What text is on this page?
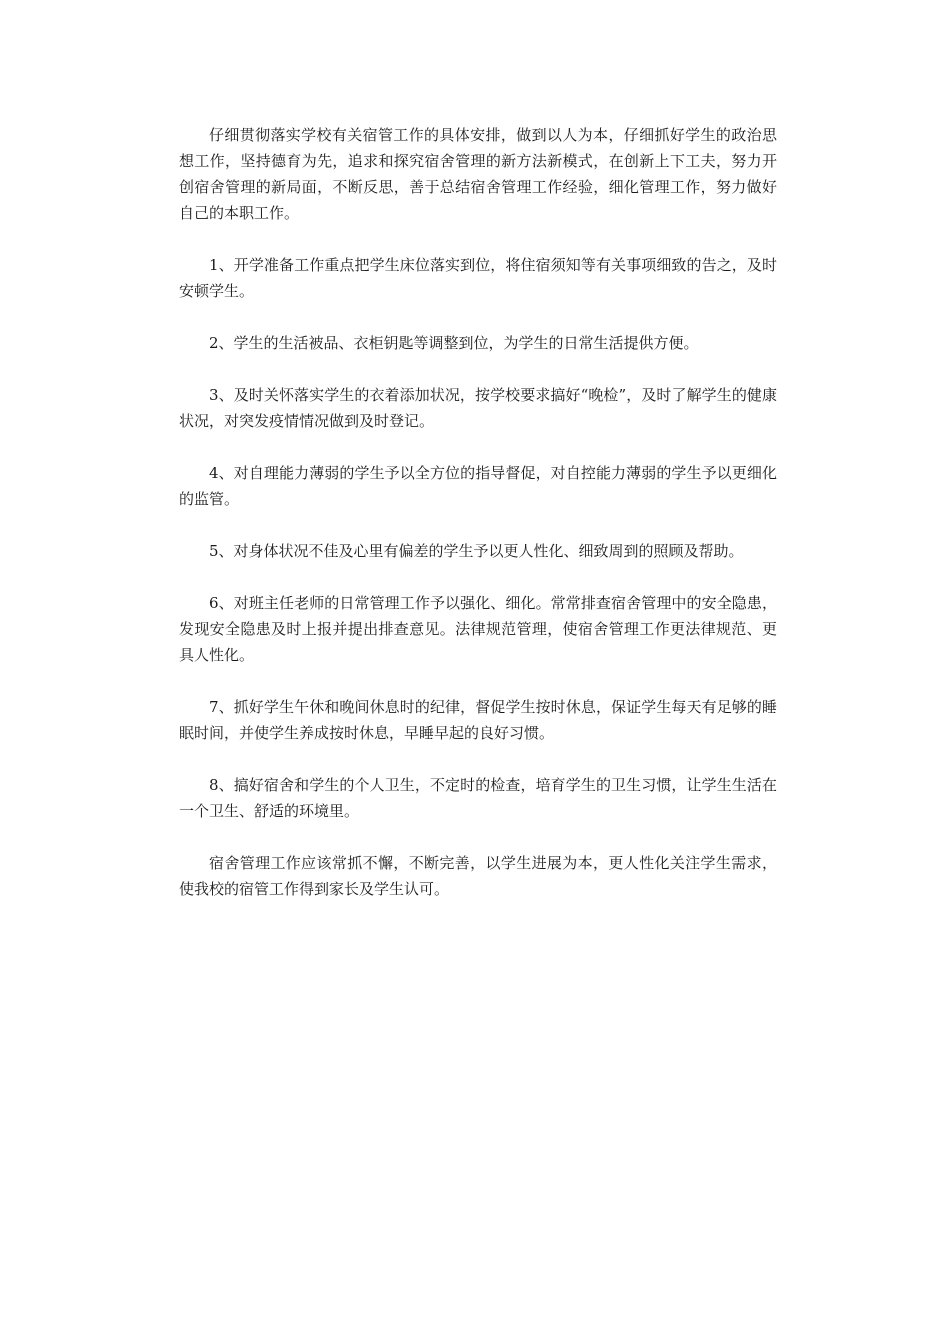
仔细贯彻落实学校有关宿管工作的具体安排，做到以人为本，仔细抓好学生的政治思想工作，坚持德育为先，追求和探究宿舍管理的新方法新模式，在创新上下工夫，努力开创宿舍管理的新局面，不断反思，善于总结宿舍管理工作经验，细化管理工作，努力做好自己的本职工作。

1、开学准备工作重点把学生床位落实到位，将住宿须知等有关事项细致的告之，及时安顿学生。

2、学生的生活被品、衣柜钥匙等调整到位，为学生的日常生活提供方便。

3、及时关怀落实学生的衣着添加状况，按学校要求搞好“晚检”，及时了解学生的健康状况，对突发疫情情况做到及时登记。

4、对自理能力薄弱的学生予以全方位的指导督促，对自控能力薄弱的学生予以更细化的监管。

5、对身体状况不佳及心里有偏差的学生予以更人性化、细致周到的照顾及帮助。

6、对班主任老师的日常管理工作予以强化、细化。常常排查宿舍管理中的安全隐患，发现安全隐患及时上报并提出排查意见。法律规范管理，使宿舍管理工作更法律规范、更具人性化。

7、抓好学生午休和晚间休息时的纪律，督促学生按时休息，保证学生每天有足够的睡眠时间，并使学生养成按时休息，早睡早起的良好习惯。

8、搞好宿舍和学生的个人卫生，不定时的检查，培育学生的卫生习惯，让学生生活在一个卫生、舒适的环境里。

宿舍管理工作应该常抓不懈，不断完善，以学生进展为本，更人性化关注学生需求，使我校的宿管工作得到家长及学生认可。
